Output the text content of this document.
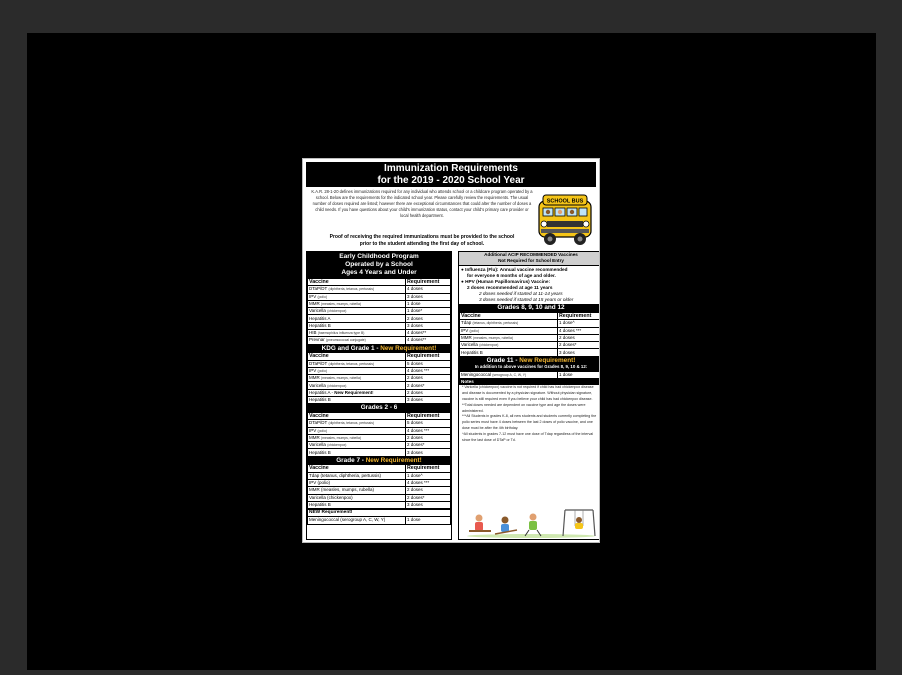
Immunization Requirements
for the 2019 - 2020 School Year
K.A.R. 28-1-20 defines immunizations required for any individual who attends school or a childcare program operated by a school. Below are the requirements for the indicated school year. Please carefully review the requirements. The usual number of doses required are listed; however there are exceptional circumstances that could alter the number of doses a child needs. If you have questions about your child's immunization status, contact your child's primary care provider or local health department.
Proof of receiving the required immunizations must be provided to the school
prior to the student attending the first day of school.
SCHOOL BUS
Early Childhood Program
Operated by a School
Ages 4 Years and Under
Vaccine	Requirement
DTaP/DT (diphtheria, tetanus, pertussis)	4 doses
IPV (polio)	3 doses
MMR (measles, mumps, rubella)	1 dose
Varicella (chickenpox)	1 dose*
Hepatitis A	2 doses
Hepatitis B	3 doses
HIB (haemophilus influenza type B)	4 doses**
Prevnar (pneumococcal conjugate)	4 doses**
KDG and Grade 1 - New Requirement!
Vaccine	Requirement
DTaP/DT (diphtheria, tetanus, pertussis)	5 doses
IPV (polio)	4 doses ***
MMR (measles, mumps, rubella)	2 doses
Varicella (chickenpox)	2 doses*
Hepatitis A - New Requirement!	2 doses
Hepatitis B	3 doses
Grades 2 - 6
Vaccine	Requirement
DTaP/DT (diphtheria, tetanus, pertussis)	5 doses
IPV (polio)	4 doses ***
MMR (measles, mumps, rubella)	2 doses
Varicella (chickenpox)	2 doses*
Hepatitis B	3 doses
Grade 7 - New Requirement!
Vaccine	Requirement
Tdap (tetanus, diphtheria, pertussis)	1 dose^
IPV (polio)	4 doses ***
MMR (measles, mumps, rubella)	2 doses
Varicella (chickenpox)	2 doses*
Hepatitis B	3 doses
NEW Requirement!
Meningococcal (serogroup A, C, W, Y)	1 dose
Additional ACIP RECOMMENDED Vaccines
Not Required for School Entry
● Influenza (Flu): Annual vaccine recommended
for everyone 6 months of age and older.
● HPV (Human Papillomavirus) Vaccine:
2 doses recommended at age 11 years
2 doses needed if started at 11-14 years
3 doses needed if started at 15 years or older
Grades 8, 9, 10 and 12
Vaccine	Requirement
Tdap (tetanus, diphtheria, pertussis)	1 dose^
IPV (polio)	4 doses ***
MMR (measles, mumps, rubella)	2 doses
Varicella (chickenpox)	2 doses*
Hepatitis B	3 doses
Grade 11 - New Requirement!
In addition to above vaccines for Grades 8, 9, 10 & 12:
Meningococcal (serogroup A, C, W, Y)	1 dose
Notes

* Varicella (chickenpox) vaccine is not required if child has had chickenpox disease and disease is documented by a physician signature. Without physician signature, vaccine is still required even if you believe your child has had chickenpox disease.

**Total doses needed are dependent on vaccine type and age the doses were administered.

***All Students in grades K-8, all new students and students currently completing the polio series must have 4 doses between the last 2 doses of polio vaccine, and one dose must be after the 4th birthday.

^All students in grades 7-12 must have one dose of Tdap regardless of the interval since the last dose of DTaP or Td.
